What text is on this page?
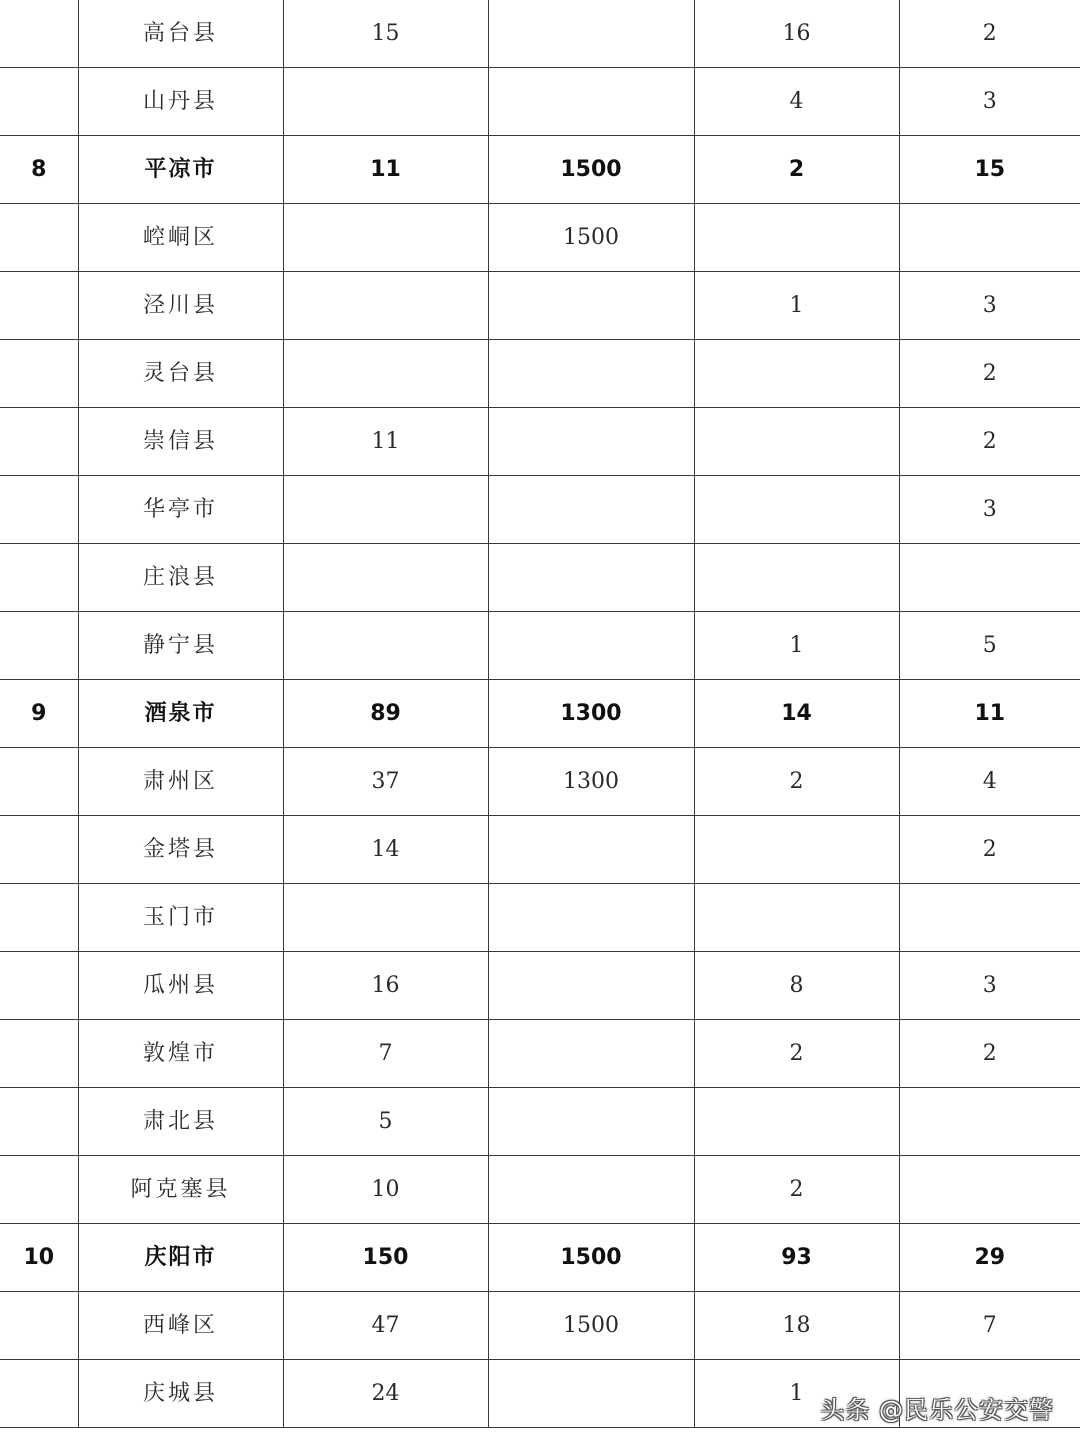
	高台县	15		16	2
	山丹县			4	3
8	平凉市	11	1500	2	15
	崆峒区		1500		
	泾川县			1	3
	灵台县				2
	崇信县	11			2
	华亭市				3
	庄浪县				
	静宁县			1	5
9	酒泉市	89	1300	14	11
	肃州区	37	1300	2	4
	金塔县	14			2
	玉门市				
	瓜州县	16		8	3
	敦煌市	7		2	2
	肃北县	5			
	阿克塞县	10		2	
10	庆阳市	150	1500	93	29
	西峰区	47	1500	18	7
	庆城县	24		1	
头条 @民乐公安交警
